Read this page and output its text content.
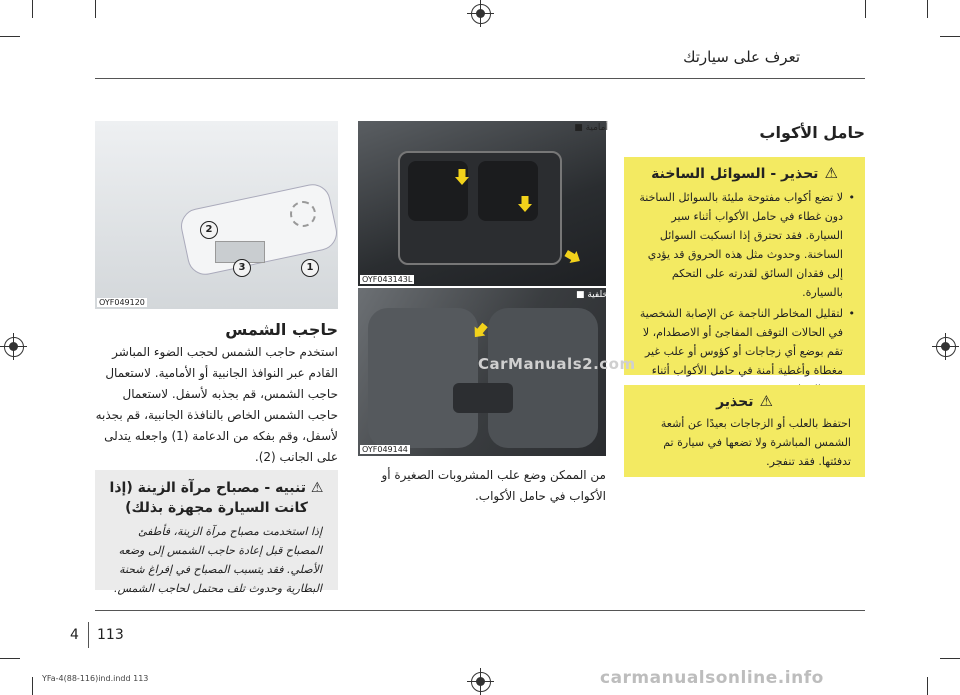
تعرف على سيارتك
حامل الأكواب
⚠تحذير - السوائل الساخنة
• لا تضع أكواب مفتوحة مليئة بالسوائل الساخنة دون غطاء في حامل الأكواب أثناء سير السيارة. فقد تحترق إذا انسكبت السوائل الساخنة. وحدوث مثل هذه الحروق قد يؤدي إلى فقدان السائق لقدرته على التحكم بالسيارة.
• لتقليل المخاطر الناجمة عن الإصابة الشخصية في الحالات التوقف المفاجئ أو الاصطدام، لا تقم بوضع أي زجاجات أو كؤوس أو علب غير مغطاة وأغطية أمنة في حامل الأكواب أثناء
⚠تحذير
احتفظ بالعلب أو الزجاجات بعيدًا عن أشعة الشمس المباشرة ولا تضعها في سيارة تم تدفئتها. فقد تنفجر.
OYF043143L
أمامية ■
OYF049144
خلفية ■
CarManuals2.com
من الممكن وضع علب المشروبات الصغيرة أو الأكواب في حامل الأكواب.
2
3	1
OYF049120
حاجب الشمس
استخدم حاجب الشمس لحجب الضوء المباشر القادم عبر النوافذ الجانبية أو الأمامية. لاستعمال حاجب الشمس، قم بجذبه لأسفل. لاستعمال حاجب الشمس الخاص بالنافذة الجانبية، قم بجذبه لأسفل، وقم بفكه من الدعامة (1) واجعله يتدلى على الجانب (2).
⚠ تنبيه - مصباح مرآة الزينة (إذا كانت السيارة مجهزة بذلك)
إذا استخدمت مصباح مرآة الزينة، فأطفئ المصباح قبل إعادة حاجب الشمس إلى وضعه الأصلي. فقد يتسبب المصباح في إفراغ شحنة البطارية وحدوث تلف محتمل لحاجب الشمس.
4 113
YFa-4(88-116)ind.indd 113	carmanualsonline.info
